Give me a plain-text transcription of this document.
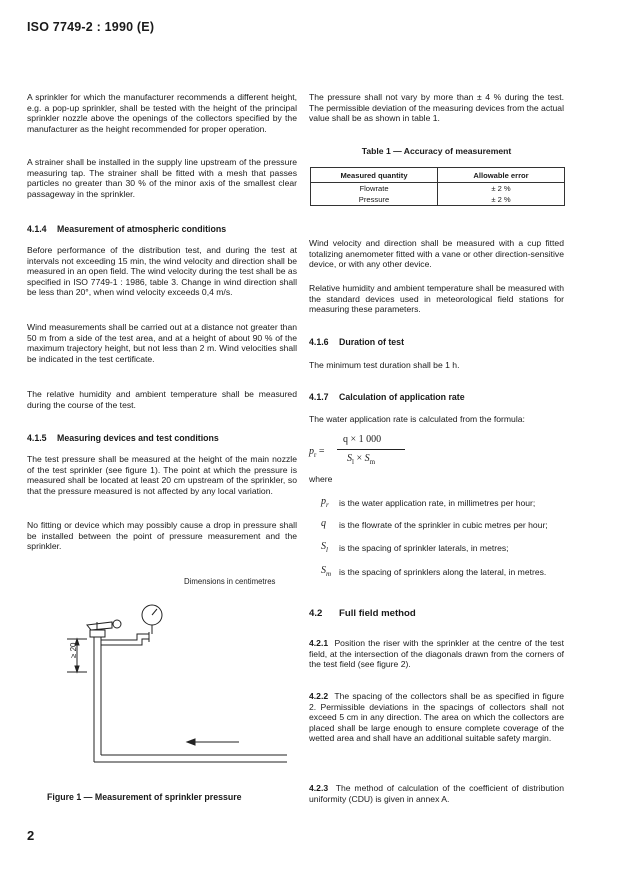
ISO 7749-2 : 1990 (E)

A sprinkler for which the manufacturer recommends a different height, e.g. a pop-up sprinkler, shall be tested with the height of the principal sprinkler nozzle above the openings of the collectors specified by the manufacturer as the height recommended for proper operation.

A strainer shall be installed in the supply line upstream of the pressure measuring tap. The strainer shall be fitted with a mesh that passes particles no greater than 30 % of the minor axis of the smallest clear passageway in the sprinkler.

4.1.4 Measurement of atmospheric conditions

Before performance of the distribution test, and during the test at intervals not exceeding 15 min, the wind velocity and direction shall be measured in an open field. The wind velocity during the test shall be as specified in ISO 7749-1 : 1986, table 3. Change in wind direction shall be less than 20°, when wind velocity exceeds 0,4 m/s.

Wind measurements shall be carried out at a distance not greater than 50 m from a side of the test area, and at a height of about 90 % of the maximum trajectory height, but not less than 2 m. Wind velocities shall be indicated in the test certificate.

The relative humidity and ambient temperature shall be measured during the course of the test.

4.1.5 Measuring devices and test conditions

The test pressure shall be measured at the height of the main nozzle of the test sprinkler (see figure 1). The point at which the pressure is measured shall be located at least 20 cm upstream of the sprinkler, so that the pressure measured is not affected by any local variation.

No fitting or device which may possibly cause a drop in pressure shall be installed between the point of pressure measurement and the sprinkler.

Dimensions in centimetres
≥ 20
Figure 1 — Measurement of sprinkler pressure

The pressure shall not vary by more than ± 4 % during the test. The permissible deviation of the measuring devices from the actual value shall be as shown in table 1.

Table 1 — Accuracy of measurement
Measured quantity	Allowable error
Flowrate	± 2 %
Pressure	± 2 %

Wind velocity and direction shall be measured with a cup fitted totalizing anemometer fitted with a vane or other direction-sensitive device, or with any other device.

Relative humidity and ambient temperature shall be measured with the standard devices used in meteorological field stations for measuring these parameters.

4.1.6 Duration of test

The minimum test duration shall be 1 h.

4.1.7 Calculation of application rate

The water application rate is calculated from the formula:

$p_r$ =
q × 1 000
$S_l \times S_m$
where
$p_r$ is the water application rate, in millimetres per hour;
q is the flowrate of the sprinkler in cubic metres per hour;
$S_l$ is the spacing of sprinkler laterals, in metres;
$S_m$ is the spacing of sprinklers along the lateral, in metres.
4.2 Full field method

4.2.1 Position the riser with the sprinkler at the centre of the test field, at the intersection of the diagonals drawn from the corners of the test field (see figure 2).

4.2.2 The spacing of the collectors shall be as specified in figure 2. Permissible deviations in the spacings of collectors shall not exceed 5 cm in any direction. The area on which the collectors are placed shall be large enough to ensure complete coverage of the wetted area and shall have an additional suitable safety margin.

4.2.3 The method of calculation of the coefficient of distribution uniformity (CDU) is given in annex A.

2
